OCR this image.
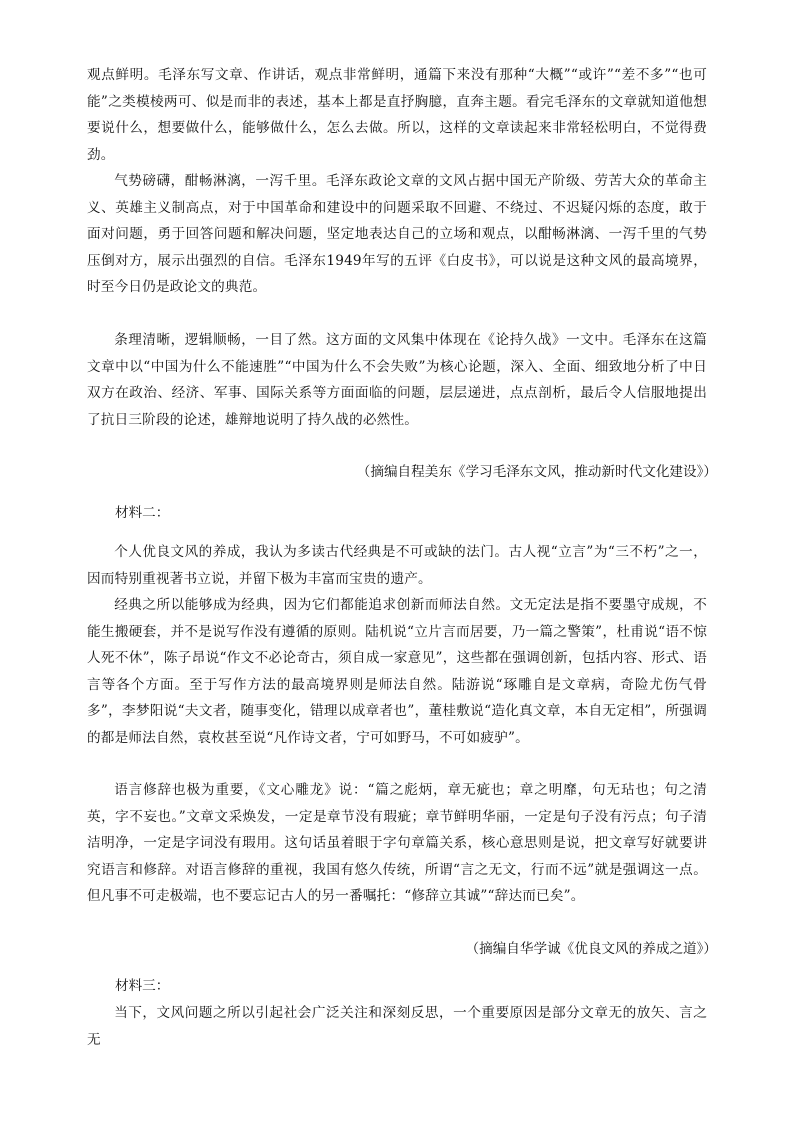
观点鲜明。毛泽东写文章、作讲话，观点非常鲜明，通篇下来没有那种“大概”“或许”“差不多”“也可能”之类模棱两可、似是而非的表述，基本上都是直抒胸臆，直奔主题。看完毛泽东的文章就知道他想要说什么，想要做什么，能够做什么，怎么去做。所以，这样的文章读起来非常轻松明白，不觉得费劲。

气势磅礴，酣畅淋漓，一泻千里。毛泽东政论文章的文风占据中国无产阶级、劳苦大众的革命主义、英雄主义制高点，对于中国革命和建设中的问题采取不回避、不绕过、不迟疑闪烁的态度，敢于面对问题，勇于回答问题和解决问题，坚定地表达自己的立场和观点，以酣畅淋漓、一泻千里的气势压倒对方，展示出强烈的自信。毛泽东1949年写的五评《白皮书》，可以说是这种文风的最高境界，时至今日仍是政论文的典范。

条理清晰，逻辑顺畅，一目了然。这方面的文风集中体现在《论持久战》一文中。毛泽东在这篇文章中以“中国为什么不能速胜”“中国为什么不会失败”为核心论题，深入、全面、细致地分析了中日双方在政治、经济、军事、国际关系等方面面临的问题，层层递进，点点剖析，最后令人信服地提出了抗日三阶段的论述，雄辩地说明了持久战的必然性。

（摘编自程美东《学习毛泽东文风，推动新时代文化建设》）

材料二：

个人优良文风的养成，我认为多读古代经典是不可或缺的法门。古人视“立言”为“三不朽”之一，因而特别重视著书立说，并留下极为丰富而宝贵的遗产。

经典之所以能够成为经典，因为它们都能追求创新而师法自然。文无定法是指不要墨守成规，不能生搬硬套，并不是说写作没有遵循的原则。陆机说“立片言而居要，乃一篇之警策”，杜甫说“语不惊人死不休”，陈子昂说“作文不必论奇古，须自成一家意见”，这些都在强调创新，包括内容、形式、语言等各个方面。至于写作方法的最高境界则是师法自然。陆游说“琢雕自是文章病，奇险尤伤气骨多”，李梦阳说“夫文者，随事变化，错理以成章者也”，董桂敷说“造化真文章，本自无定相”，所强调的都是师法自然，袁枚甚至说“凡作诗文者，宁可如野马，不可如疲驴”。

语言修辞也极为重要，《文心雕龙》说：“篇之彪炳，章无疵也；章之明靡，句无玷也；句之清英，字不妄也。”文章文采焕发，一定是章节没有瑕疵；章节鲜明华丽，一定是句子没有污点；句子清洁明净，一定是字词没有瑕用。这句话虽着眼于字句章篇关系，核心意思则是说，把文章写好就要讲究语言和修辞。对语言修辞的重视，我国有悠久传统，所谓“言之无文，行而不远”就是强调这一点。但凡事不可走极端，也不要忘记古人的另一番嘱托：“修辞立其诚”“辞达而已矣”。

（摘编自华学诚《优良文风的养成之道》）

材料三：

当下，文风问题之所以引起社会广泛关注和深刻反思，一个重要原因是部分文章无的放矢、言之无
